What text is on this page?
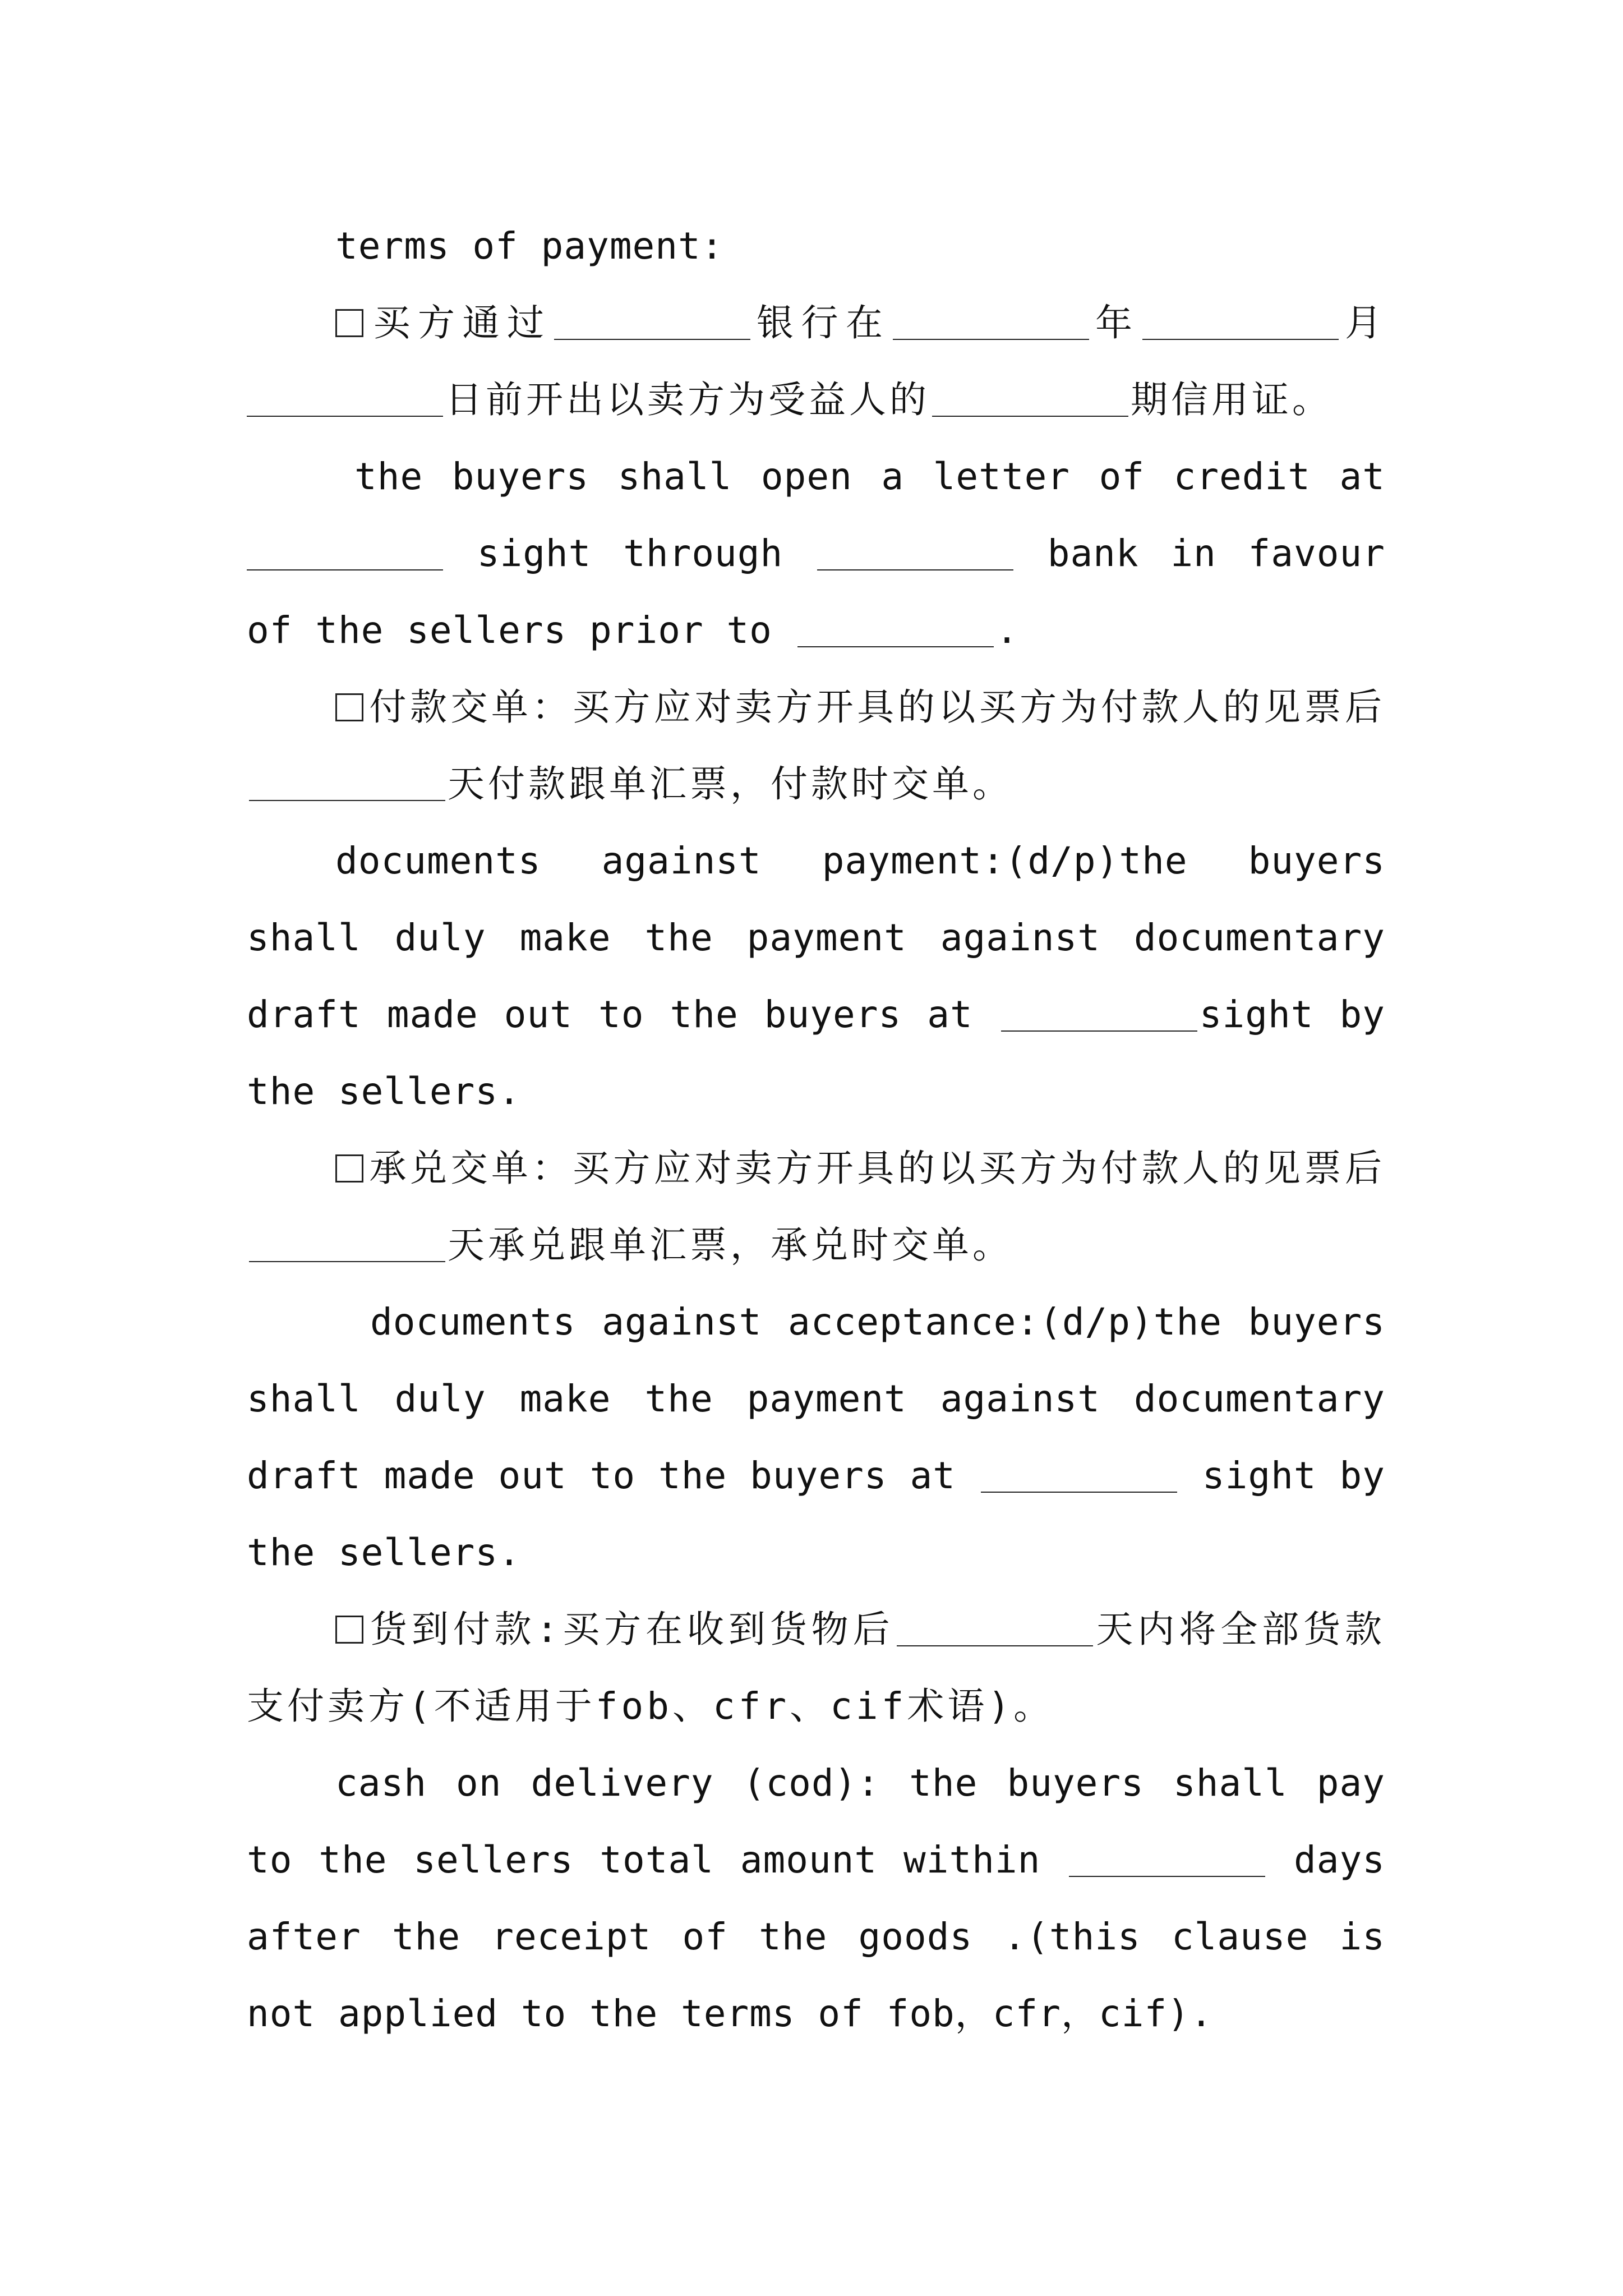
terms of payment:

买方通过	银行在	年	月 日前开出以卖方为受益人的	期信用证。

the buyers shall open a letter of credit at  sight through	bank in favour of the sellers prior to	.

付款交单：买方应对卖方开具的以买方为付款人的见票后天付款跟单汇票，付款时交单。

documents against payment:(d/p)the buyers shall duly make the payment against documentary draft made out to the buyers at	sight by the sellers.

承兑交单：买方应对卖方开具的以买方为付款人的见票后天承兑跟单汇票，承兑时交单。

documents against acceptance:(d/p)the buyers shall duly make the payment against documentary draft made out to the buyers at	sight by the sellers.

货到付款:买方在收到货物后	天内将全部货款支付卖方(不适用于fob、cfr、cif术语)。

cash on delivery (cod): the buyers shall pay to the sellers total amount within	days after the receipt of the goods .(this clause is not applied to the terms of fob，cfr，cif).
